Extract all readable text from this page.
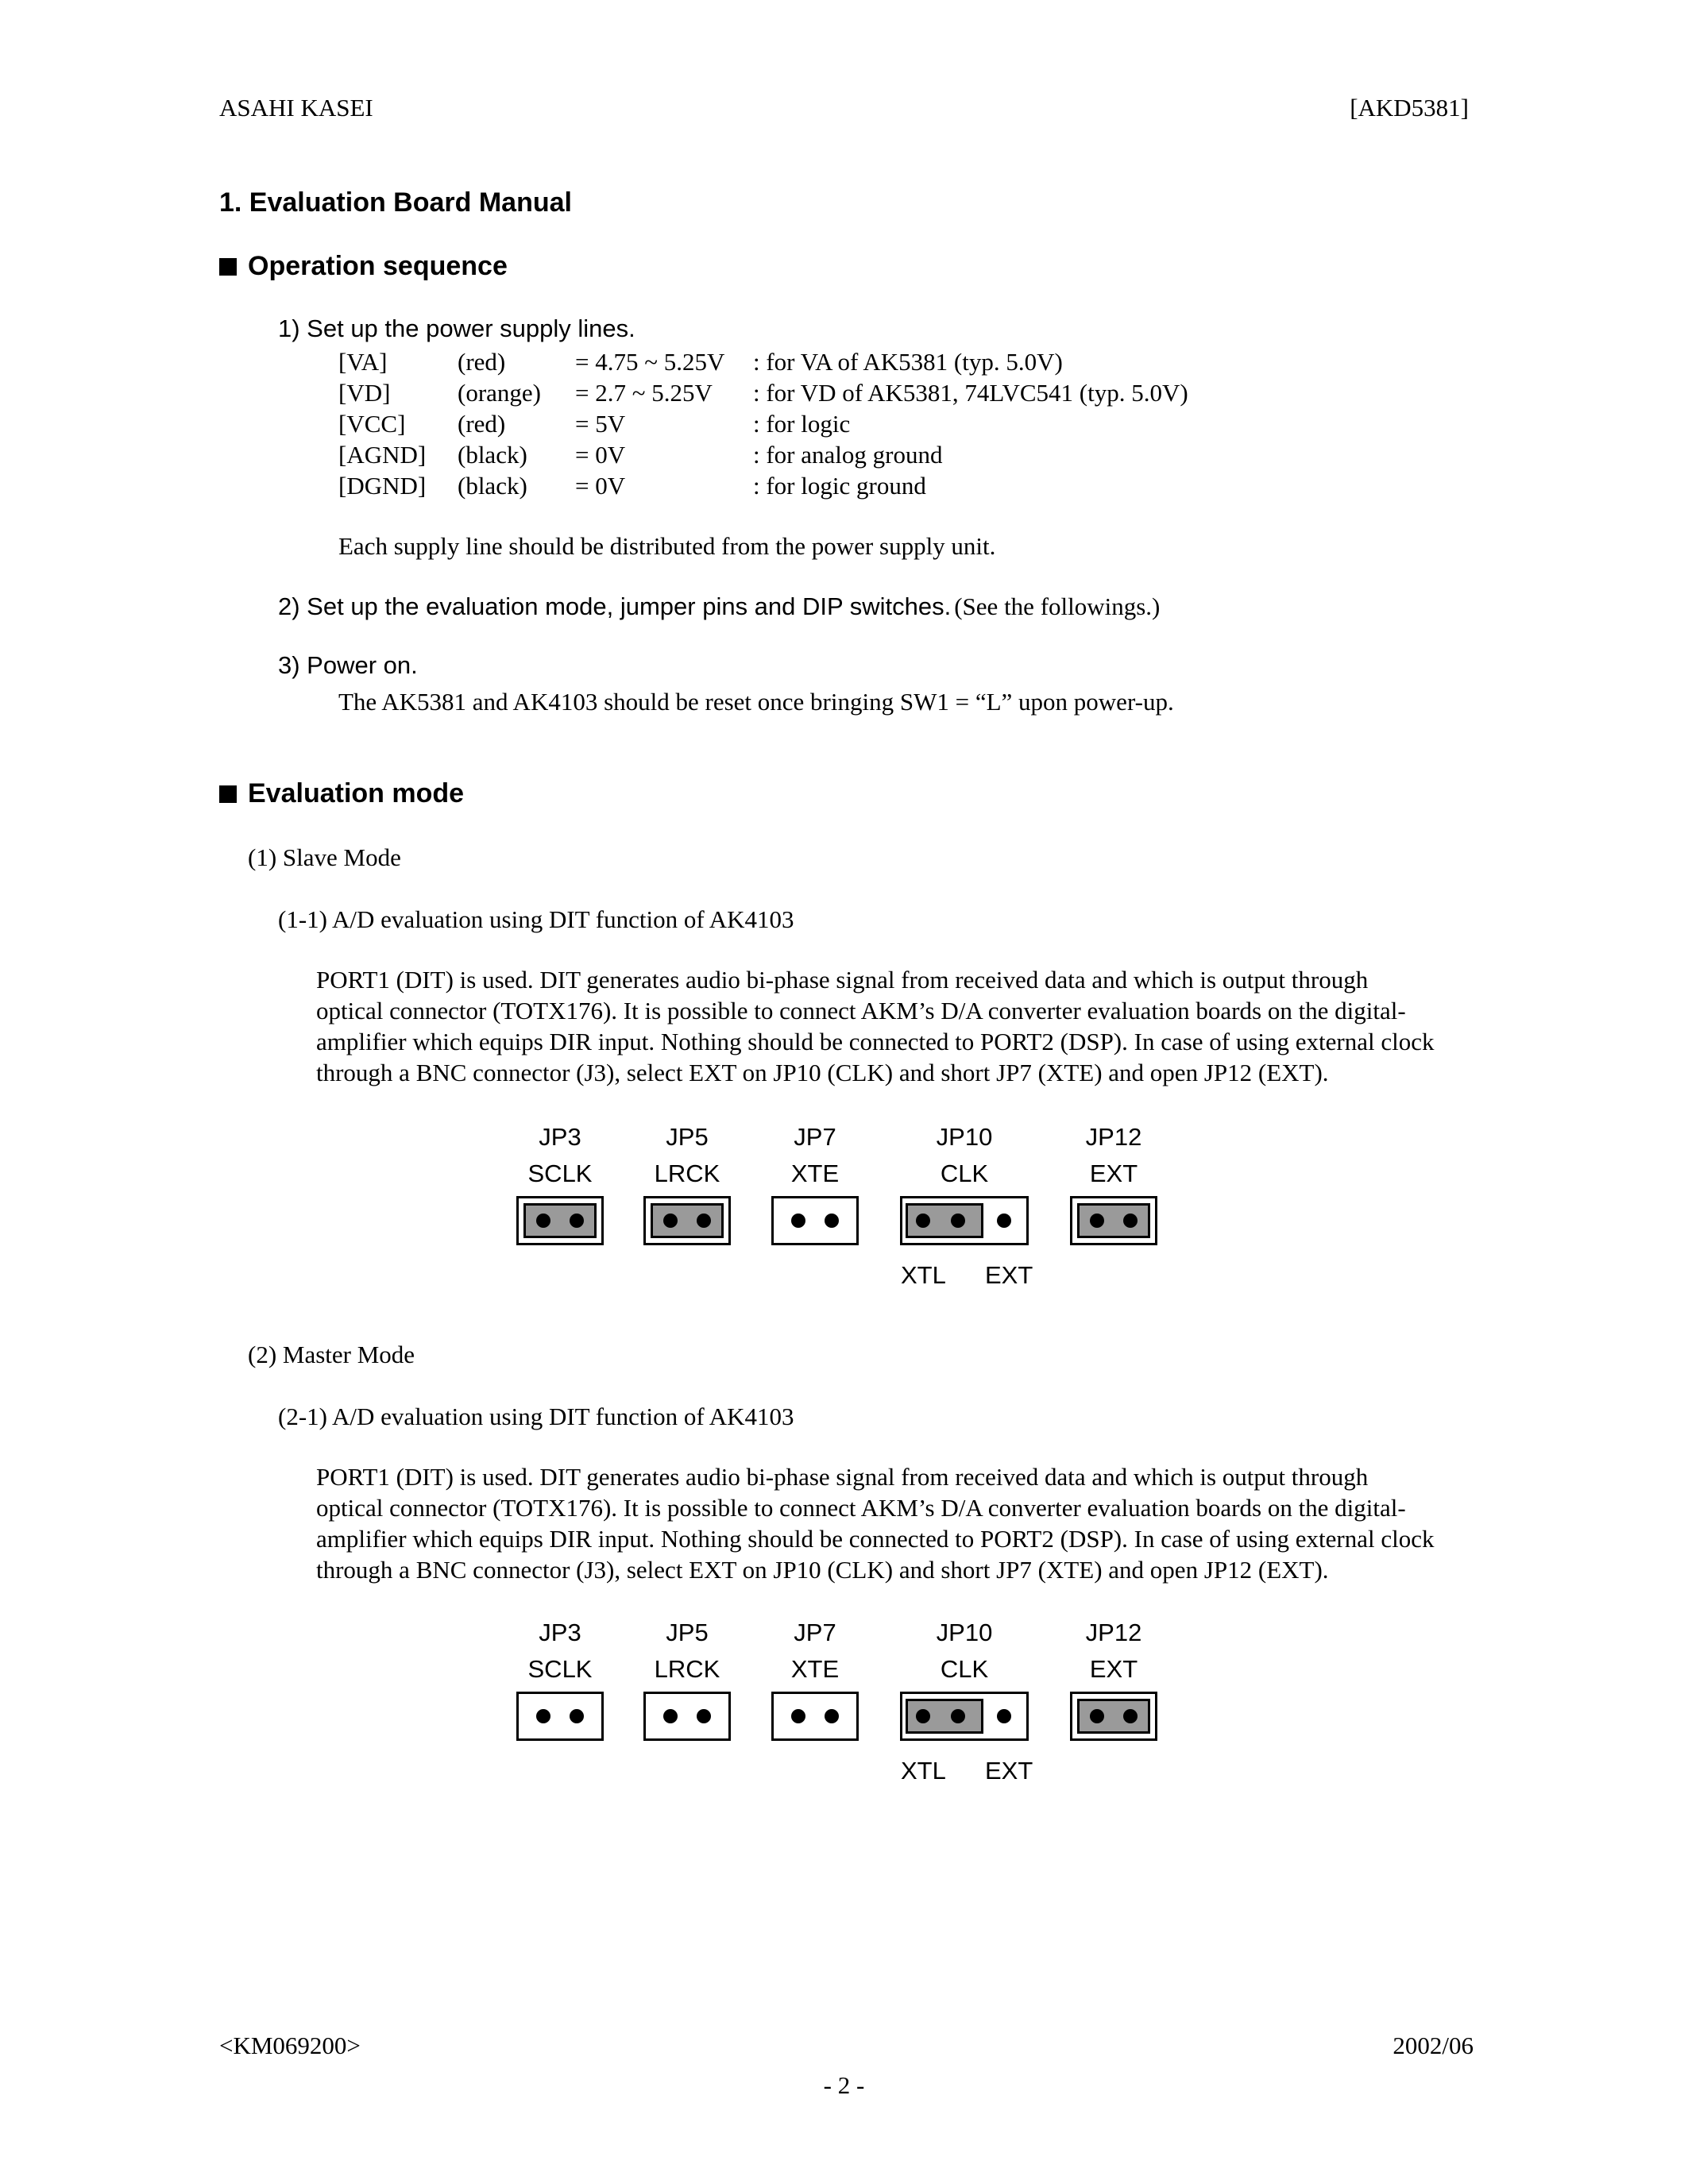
ASAHI KASEI	[AKD5381]
1. Evaluation Board Manual
Operation sequence
1) Set up the power supply lines.
[VA]	(red)	= 4.75 ~ 5.25V	: for VA of AK5381 (typ. 5.0V)
[VD]	(orange)	= 2.7 ~ 5.25V	: for VD of AK5381, 74LVC541 (typ. 5.0V)
[VCC]	(red)	= 5V	: for logic
[AGND]	(black)	= 0V	: for analog ground
[DGND]	(black)	= 0V	: for logic ground
Each supply line should be distributed from the power supply unit.
2) Set up the evaluation mode, jumper pins and DIP switches. (See the followings.)
3) Power on.
The AK5381 and AK4103 should be reset once bringing SW1 = “L” upon power-up.
Evaluation mode
(1) Slave Mode
(1-1) A/D evaluation using DIT function of AK4103
PORT1 (DIT) is used. DIT generates audio bi-phase signal from received data and which is output through
optical connector (TOTX176). It is possible to connect AKM’s D/A converter evaluation boards on the digital-
amplifier which equips DIR input. Nothing should be connected to PORT2 (DSP). In case of using external clock
through a BNC connector (J3), select EXT on JP10 (CLK) and short JP7 (XTE) and open JP12 (EXT).
JP3
SCLK
JP5
LRCK
JP7
XTE
JP10
CLK
XTL EXT
JP12
EXT
(2) Master Mode
(2-1) A/D evaluation using DIT function of AK4103
PORT1 (DIT) is used. DIT generates audio bi-phase signal from received data and which is output through
optical connector (TOTX176). It is possible to connect AKM’s D/A converter evaluation boards on the digital-
amplifier which equips DIR input. Nothing should be connected to PORT2 (DSP). In case of using external clock
through a BNC connector (J3), select EXT on JP10 (CLK) and short JP7 (XTE) and open JP12 (EXT).
JP3
SCLK
JP5
LRCK
JP7
XTE
JP10
CLK
XTL EXT
JP12
EXT
<KM069200>	2002/06
- 2 -
